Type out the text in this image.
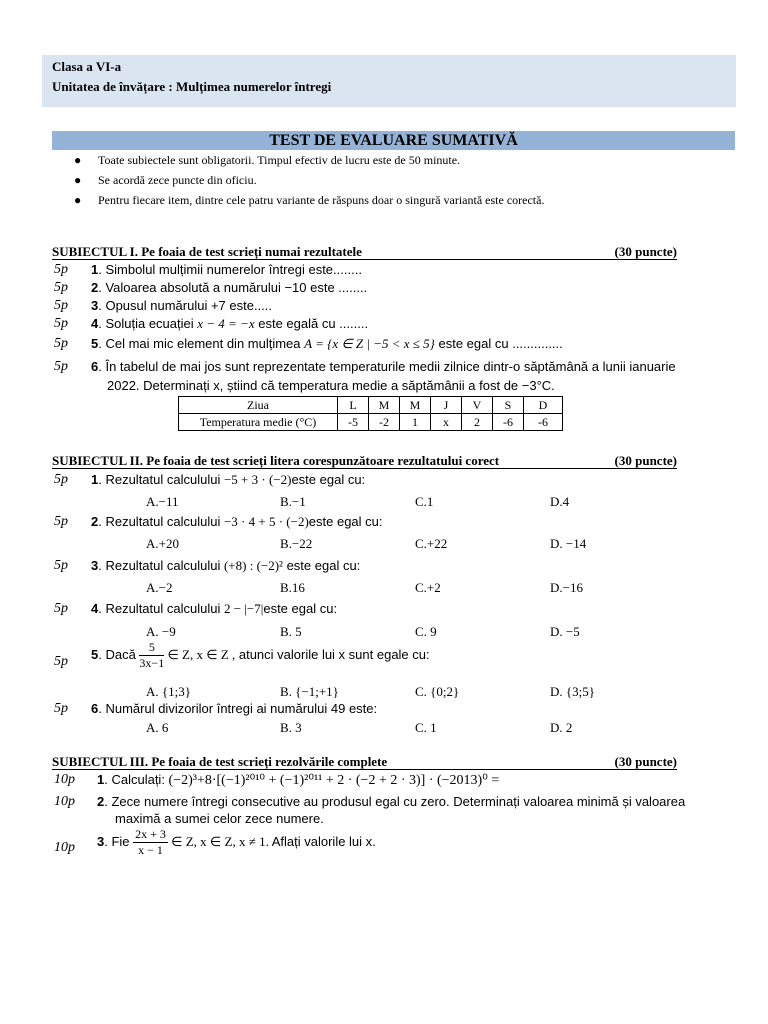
Clasa a VI-a
Unitatea de învățare : Mulțimea numerelor întregi
TEST DE EVALUARE SUMATIVĂ
● Toate subiectele sunt obligatorii. Timpul efectiv de lucru este de 50 minute.
● Se acordă zece puncte din oficiu.
● Pentru fiecare item, dintre cele patru variante de răspuns doar o singură variantă este corectă.
SUBIECTUL I. Pe foaia de test scrieți numai rezultatele	(30 puncte)
5p 1. Simbolul mulțimii numerelor întregi este........
5p 2. Valoarea absolută a numărului −10 este ........
5p 3. Opusul numărului +7 este.....
5p 4. Soluția ecuației x − 4 = −x este egală cu ........
5p 5. Cel mai mic element din mulțimea A = {x ∈ Z | −5 < x ≤ 5} este egal cu ..............
5p 6. În tabelul de mai jos sunt reprezentate temperaturile medii zilnice dintr-o săptămână a lunii ianuarie
2022. Determinați x, știind că temperatura medie a săptămânii a fost de −3°C.
Ziua	L	M	M	J	V	S	D
Temperatura medie (°C)	-5	-2	1	x	2	-6	-6
SUBIECTUL II. Pe foaia de test scrieți litera corespunzătoare rezultatului corect	(30 puncte)
5p 1. Rezultatul calculului −5 + 3 · (−2)este egal cu:
A.−11	B.−1	C.1	D.4
5p 2. Rezultatul calculului −3 · 4 + 5 · (−2)este egal cu:
A.+20	B.−22	C.+22	D. −14
5p 3. Rezultatul calculului (+8) : (−2)² este egal cu:
A.−2	B.16	C.+2	D.−16
5p 4. Rezultatul calculului 2 − |−7|este egal cu:
A. −9	B. 5	C. 9	D. −5
5p 5. Dacă $\frac{5}{3x-1}$ ∈ Z, x ∈ Z , atunci valorile lui x sunt egale cu:
A. {1;3}	B. {−1;+1}	C. {0;2}	D. {3;5}
5p 6. Numărul divizorilor întregi ai numărului 49 este:
A. 6	B. 3	C. 1	D. 2
SUBIECTUL III. Pe foaia de test scrieți rezolvările complete	(30 puncte)
10p 1. Calculați: (−2)³+8·[(−1)²⁰¹⁰ + (−1)²⁰¹¹ + 2 · (−2 + 2 · 3)] · (−2013)⁰ =
10p 2. Zece numere întregi consecutive au produsul egal cu zero. Determinați valoarea minimă și valoarea
maximă a sumei celor zece numere.
10p 3. Fie $\frac{2x + 3}{x - 1}$ ∈ Z, x ∈ Z, x ≠ 1. Aflați valorile lui x.
